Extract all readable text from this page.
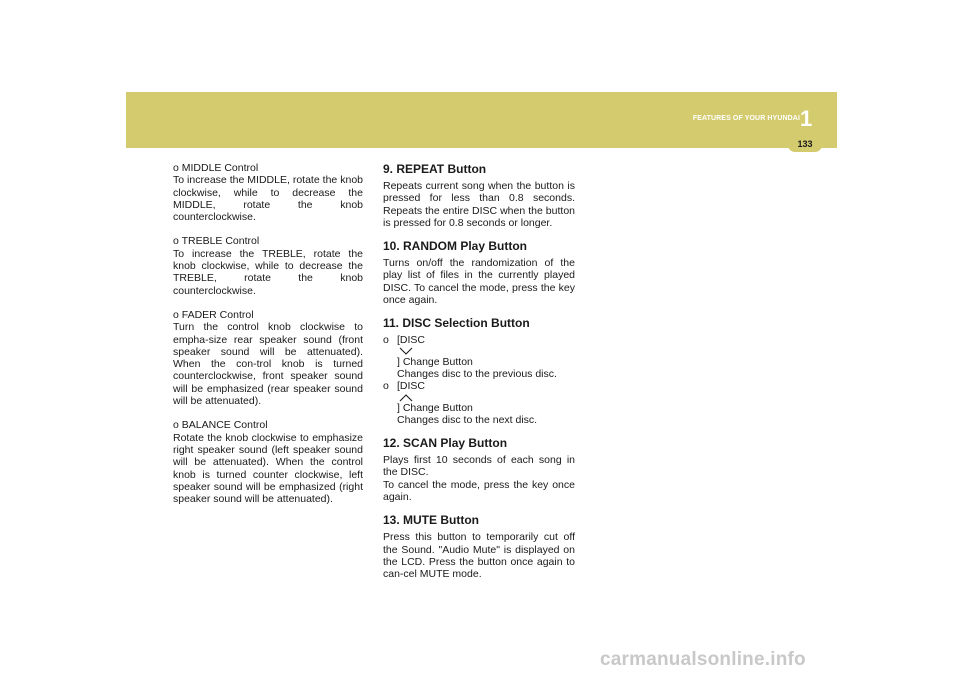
FEATURES OF YOUR HYUNDAI 1
133

o MIDDLE Control
To increase the MIDDLE, rotate the knob clockwise, while to decrease the MIDDLE, rotate the knob counterclockwise.

o TREBLE Control
To increase the TREBLE, rotate the knob clockwise, while to decrease the TREBLE, rotate the knob counterclockwise.

o FADER Control
Turn the control knob clockwise to empha-size rear speaker sound (front speaker sound will be attenuated). When the con-trol knob is turned counterclockwise, front speaker sound will be emphasized (rear speaker sound will be attenuated).

o BALANCE Control
Rotate the knob clockwise to emphasize right speaker sound (left speaker sound will be attenuated). When the control knob is turned counter clockwise, left speaker sound will be emphasized (right speaker sound will be attenuated).

9. REPEAT Button

Repeats current song when the button is pressed for less than 0.8 seconds. Repeats the entire DISC when the button is pressed for 0.8 seconds or longer.

10. RANDOM Play Button

Turns on/off the randomization of the play list of files in the currently played DISC. To cancel the mode, press the key once again.

11. DISC Selection Button
o [DISC
] Change Button
Changes disc to the previous disc.
o [DISC
] Change Button
Changes disc to the next disc.
12. SCAN Play Button

Plays first 10 seconds of each song in the DISC.

To cancel the mode, press the key once again.

13. MUTE Button

Press this button to temporarily cut off the Sound. "Audio Mute" is displayed on the LCD. Press the button once again to can-cel MUTE mode.

carmanualsonline.info
